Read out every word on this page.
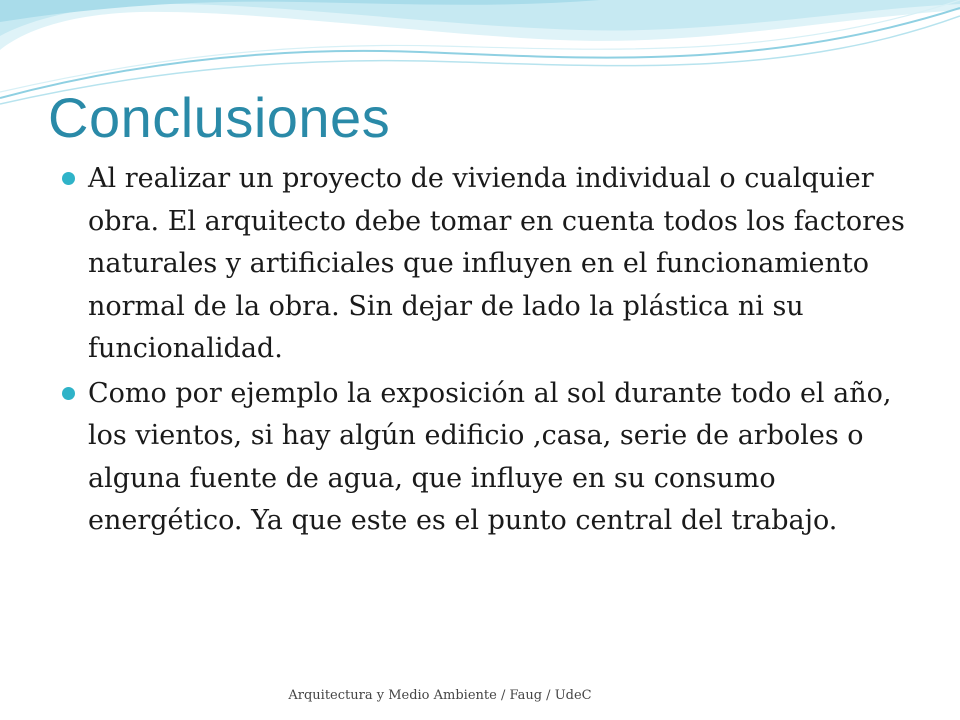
Conclusiones

Al realizar un proyecto de vivienda individual o cualquier obra. El arquitecto debe tomar en cuenta todos los factores naturales y artificiales que influyen en el funcionamiento normal de la obra. Sin dejar de lado la plástica ni su funcionalidad.

Como por ejemplo la exposición al sol durante todo el año, los vientos, si hay algún edificio ,casa, serie de arboles o alguna fuente de agua, que influye en su consumo energético. Ya que este es el punto central del trabajo.

Arquitectura y Medio Ambiente / Faug / UdeC
